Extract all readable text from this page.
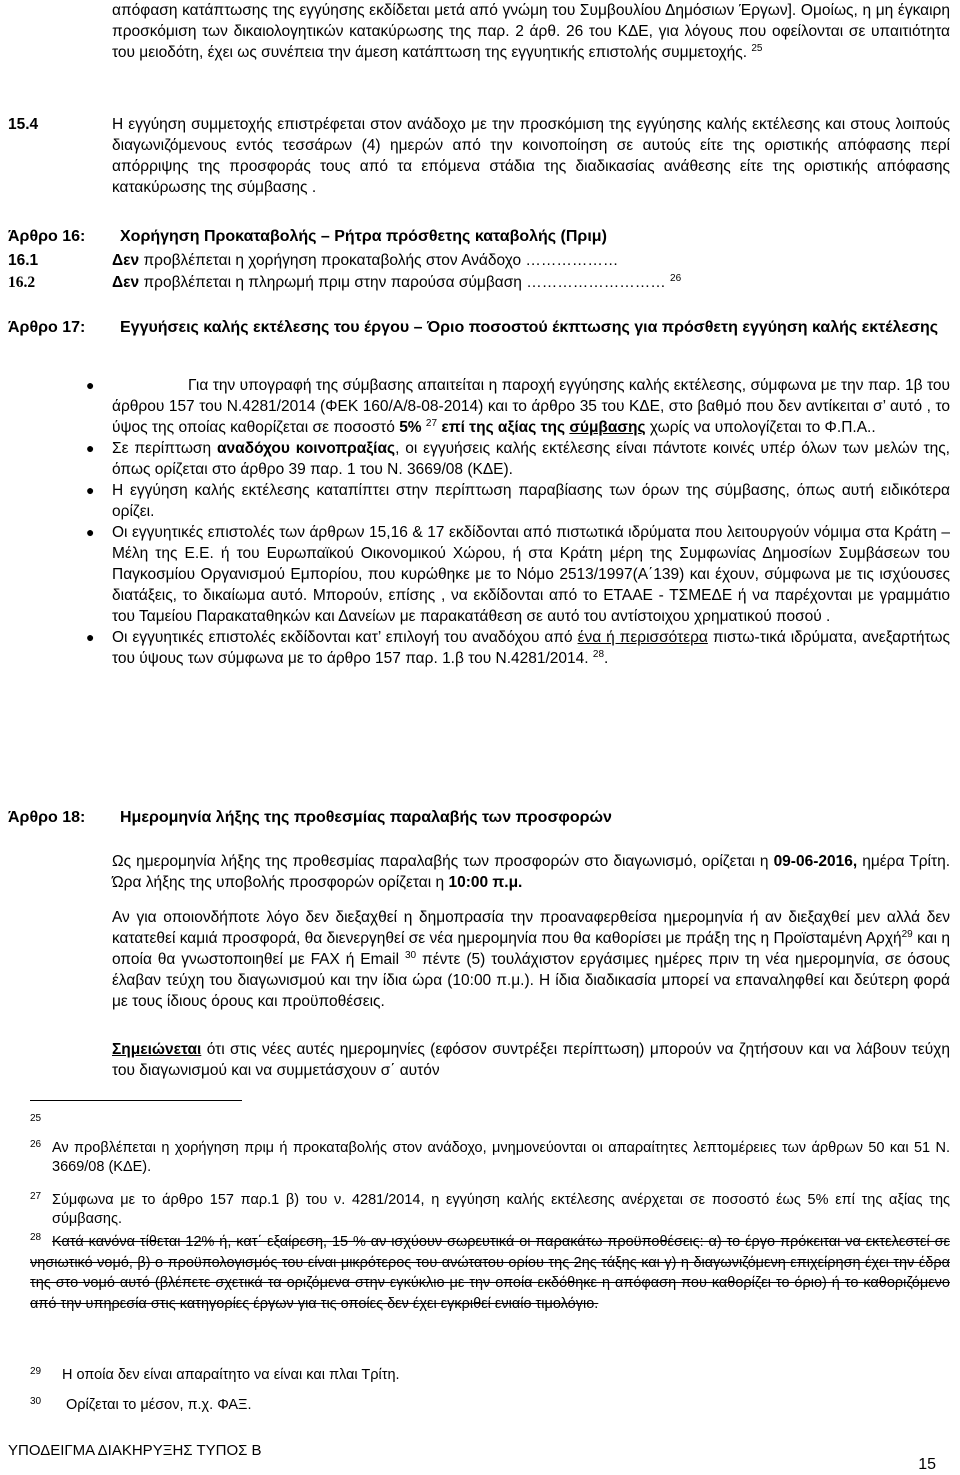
απόφαση κατάπτωσης της εγγύησης εκδίδεται μετά από γνώμη του Συμβουλίου Δημόσιων Έργων]. Ομοίως, η μη έγκαιρη προσκόμιση των δικαιολογητικών κατακύρωσης της παρ. 2 άρθ. 26 του ΚΔΕ, για λόγους που οφείλονται σε υπαιτιότητα του μειοδότη, έχει ως συνέπεια την άμεση κατάπτωση της εγγυητικής επιστολής συμμετοχής. $^{25}$
15.4	Η εγγύηση συμμετοχής επιστρέφεται στον ανάδοχο με την προσκόμιση της εγγύησης καλής εκτέλεσης και στους λοιπούς διαγωνιζόμενους εντός τεσσάρων (4) ημερών από την κοινοποίηση σε αυτούς είτε της οριστικής απόφασης περί απόρριψης της προσφοράς τους από τα επόμενα στάδια της διαδικασίας ανάθεσης είτε της οριστικής απόφασης κατακύρωσης της σύμβασης .
Άρθρο 16: Χορήγηση Προκαταβολής – Ρήτρα πρόσθετης καταβολής (Πριμ)
16.1	Δεν προβλέπεται η χορήγηση προκαταβολής στον Ανάδοχο ………………
16.2	Δεν προβλέπεται η πληρωμή πριμ στην παρούσα σύμβαση ……………………… $^{26}$
Άρθρο 17: Εγγυήσεις καλής εκτέλεσης του έργου – Όριο ποσοστού έκπτωσης για πρόσθετη εγγύηση καλής εκτέλεσης
●	Για την υπογραφή της σύμβασης απαιτείται η παροχή εγγύησης καλής εκτέλεσης, σύμφωνα με την παρ. 1β του άρθρου 157 του Ν.4281/2014 (ΦΕΚ 160/Α/8-08-2014) και το άρθρο 35 του ΚΔΕ, στο βαθμό που δεν αντίκειται σ’ αυτό , το ύψος της οποίας καθορίζεται σε ποσοστό 5% $^{27}$ επί της αξίας της σύμβασης χωρίς να υπολογίζεται το Φ.Π.Α..
● Σε περίπτωση αναδόχου κοινοπραξίας, οι εγγυήσεις καλής εκτέλεσης είναι πάντοτε κοινές υπέρ όλων των μελών της, όπως ορίζεται στο άρθρο 39 παρ. 1 του Ν. 3669/08 (ΚΔΕ).
● Η εγγύηση καλής εκτέλεσης καταπίπτει στην περίπτωση παραβίασης των όρων της σύμβασης, όπως αυτή ειδικότερα ορίζει.
● Οι εγγυητικές επιστολές των άρθρων 15,16 & 17 εκδίδονται από πιστωτικά ιδρύματα που λειτουργούν νόμιμα στα Κράτη – Μέλη της Ε.Ε. ή του Ευρωπαϊκού Οικονομικού Χώρου, ή στα Κράτη μέρη της Συμφωνίας Δημοσίων Συμβάσεων του Παγκοσμίου Οργανισμού Εμπορίου, που κυρώθηκε με το Νόμο 2513/1997(Α΄139) και έχουν, σύμφωνα με τις ισχύουσες διατάξεις, το δικαίωμα αυτό. Μπορούν, επίσης , να εκδίδονται από το ΕΤΑΑΕ - ΤΣΜΕΔΕ ή να παρέχονται με γραμμάτιο του Ταμείου Παρακαταθηκών και Δανείων με παρακατάθεση σε αυτό του αντίστοιχου χρηματικού ποσού .
● Οι εγγυητικές επιστολές εκδίδονται κατ’ επιλογή του αναδόχου από ένα ή περισσότερα πιστω-τικά ιδρύματα, ανεξαρτήτως του ύψους των σύμφωνα με το άρθρο 157 παρ. 1.β του Ν.4281/2014. $^{28}$.
Άρθρο 18: Ημερομηνία λήξης της προθεσμίας παραλαβής των προσφορών
Ως ημερομηνία λήξης της προθεσμίας παραλαβής των προσφορών στο διαγωνισμό, ορίζεται η 09-06-2016, ημέρα Τρίτη. Ώρα λήξης της υποβολής προσφορών ορίζεται η 10:00 π.μ.
Αν για οποιονδήποτε λόγο δεν διεξαχθεί η δημοπρασία την προαναφερθείσα ημερομηνία ή αν διεξαχθεί μεν αλλά δεν κατατεθεί καμιά προσφορά, θα διενεργηθεί σε νέα ημερομηνία που θα καθορίσει με πράξη της η Προϊσταμένη Αρχή$^{29}$ και η οποία θα γνωστοποιηθεί με FAX ή Email $^{30}$ πέντε (5) τουλάχιστον εργάσιμες ημέρες πριν τη νέα ημερομηνία, σε όσους έλαβαν τεύχη του διαγωνισμού και την ίδια ώρα (10:00 π.μ.). Η ίδια διαδικασία μπορεί να επαναληφθεί και δεύτερη φορά με τους ίδιους όρους και προϋποθέσεις.
Σημειώνεται ότι στις νέες αυτές ημερομηνίες (εφόσον συντρέξει περίπτωση) μπορούν να ζητήσουν και να λάβουν τεύχη του διαγωνισμού και να συμμετάσχουν σ΄ αυτόν
25
26 Αν προβλέπεται η χορήγηση πριμ ή προκαταβολής στον ανάδοχο, μνημονεύονται οι απαραίτητες λεπτομέρειες των άρθρων 50 και 51 Ν. 3669/08 (ΚΔΕ).
27 Σύμφωνα με το άρθρο 157 παρ.1 β) του ν. 4281/2014, η εγγύηση καλής εκτέλεσης ανέρχεται σε ποσοστό έως 5% επί της αξίας της σύμβασης.
28 Κατά κανόνα τίθεται 12% ή, κατ΄ εξαίρεση, 15 % αν ισχύουν σωρευτικά οι παρακάτω προϋποθέσεις: α) το έργο πρόκειται να εκτελεστεί σε νησιωτικό νομό, β) ο προϋπολογισμός του είναι μικρότερος του ανώτατου ορίου της 2ης τάξης και γ) η διαγωνιζόμενη επιχείρηση έχει την έδρα της στο νομό αυτό (βλέπετε σχετικά τα οριζόμενα στην εγκύκλιο με την οποία εκδόθηκε η απόφαση που καθορίζει το όριο) ή το καθοριζόμενο από την υπηρεσία στις κατηγορίες έργων για τις οποίες δεν έχει εγκριθεί ενιαίο τιμολόγιο.
29 Η οποία δεν είναι απαραίτητο να είναι και πλαι Τρίτη.
30 Ορίζεται το μέσον, π.χ. ΦΑΞ.
ΥΠΟΔΕΙΓΜΑ ΔΙΑΚΗΡΥΞΗΣ ΤΥΠΟΣ Β
15
